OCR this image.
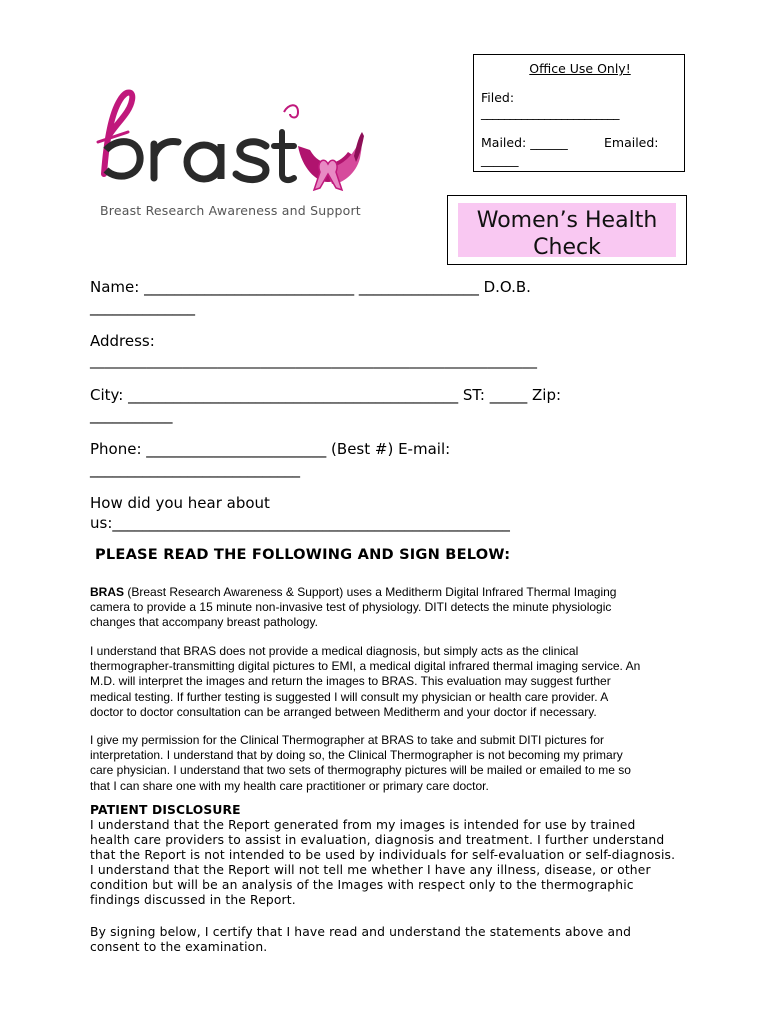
Office Use Only!
Filed:
________________________
Mailed: ______	Emailed:
______
Breast Research Awareness and Support	Women’s Health
Check
Name: ____________________________ ________________ D.O.B.
______________
Address:
_______________________________________________________________
City: ____________________________________________ ST: _____ Zip:
___________
Phone: ________________________ (Best #) E-mail:
____________________________
How did you hear about
us:_____________________________________________________
PLEASE READ THE FOLLOWING AND SIGN BELOW:
BRAS (Breast Research Awareness & Support) uses a Meditherm Digital Infrared Thermal Imaging
camera to provide a 15 minute non-invasive test of physiology. DITI detects the minute physiologic
changes that accompany breast pathology.
I understand that BRAS does not provide a medical diagnosis, but simply acts as the clinical
thermographer-transmitting digital pictures to EMI, a medical digital infrared thermal imaging service. An
M.D. will interpret the images and return the images to BRAS. This evaluation may suggest further
medical testing. If further testing is suggested I will consult my physician or health care provider. A
doctor to doctor consultation can be arranged between Meditherm and your doctor if necessary.
I give my permission for the Clinical Thermographer at BRAS to take and submit DITI pictures for
interpretation. I understand that by doing so, the Clinical Thermographer is not becoming my primary
care physician. I understand that two sets of thermography pictures will be mailed or emailed to me so
that I can share one with my health care practitioner or primary care doctor.
PATIENT DISCLOSURE
I understand that the Report generated from my images is intended for use by trained
health care providers to assist in evaluation, diagnosis and treatment. I further understand
that the Report is not intended to be used by individuals for self-evaluation or self-diagnosis.
I understand that the Report will not tell me whether I have any illness, disease, or other
condition but will be an analysis of the Images with respect only to the thermographic
findings discussed in the Report.
By signing below, I certify that I have read and understand the statements above and
consent to the examination.
